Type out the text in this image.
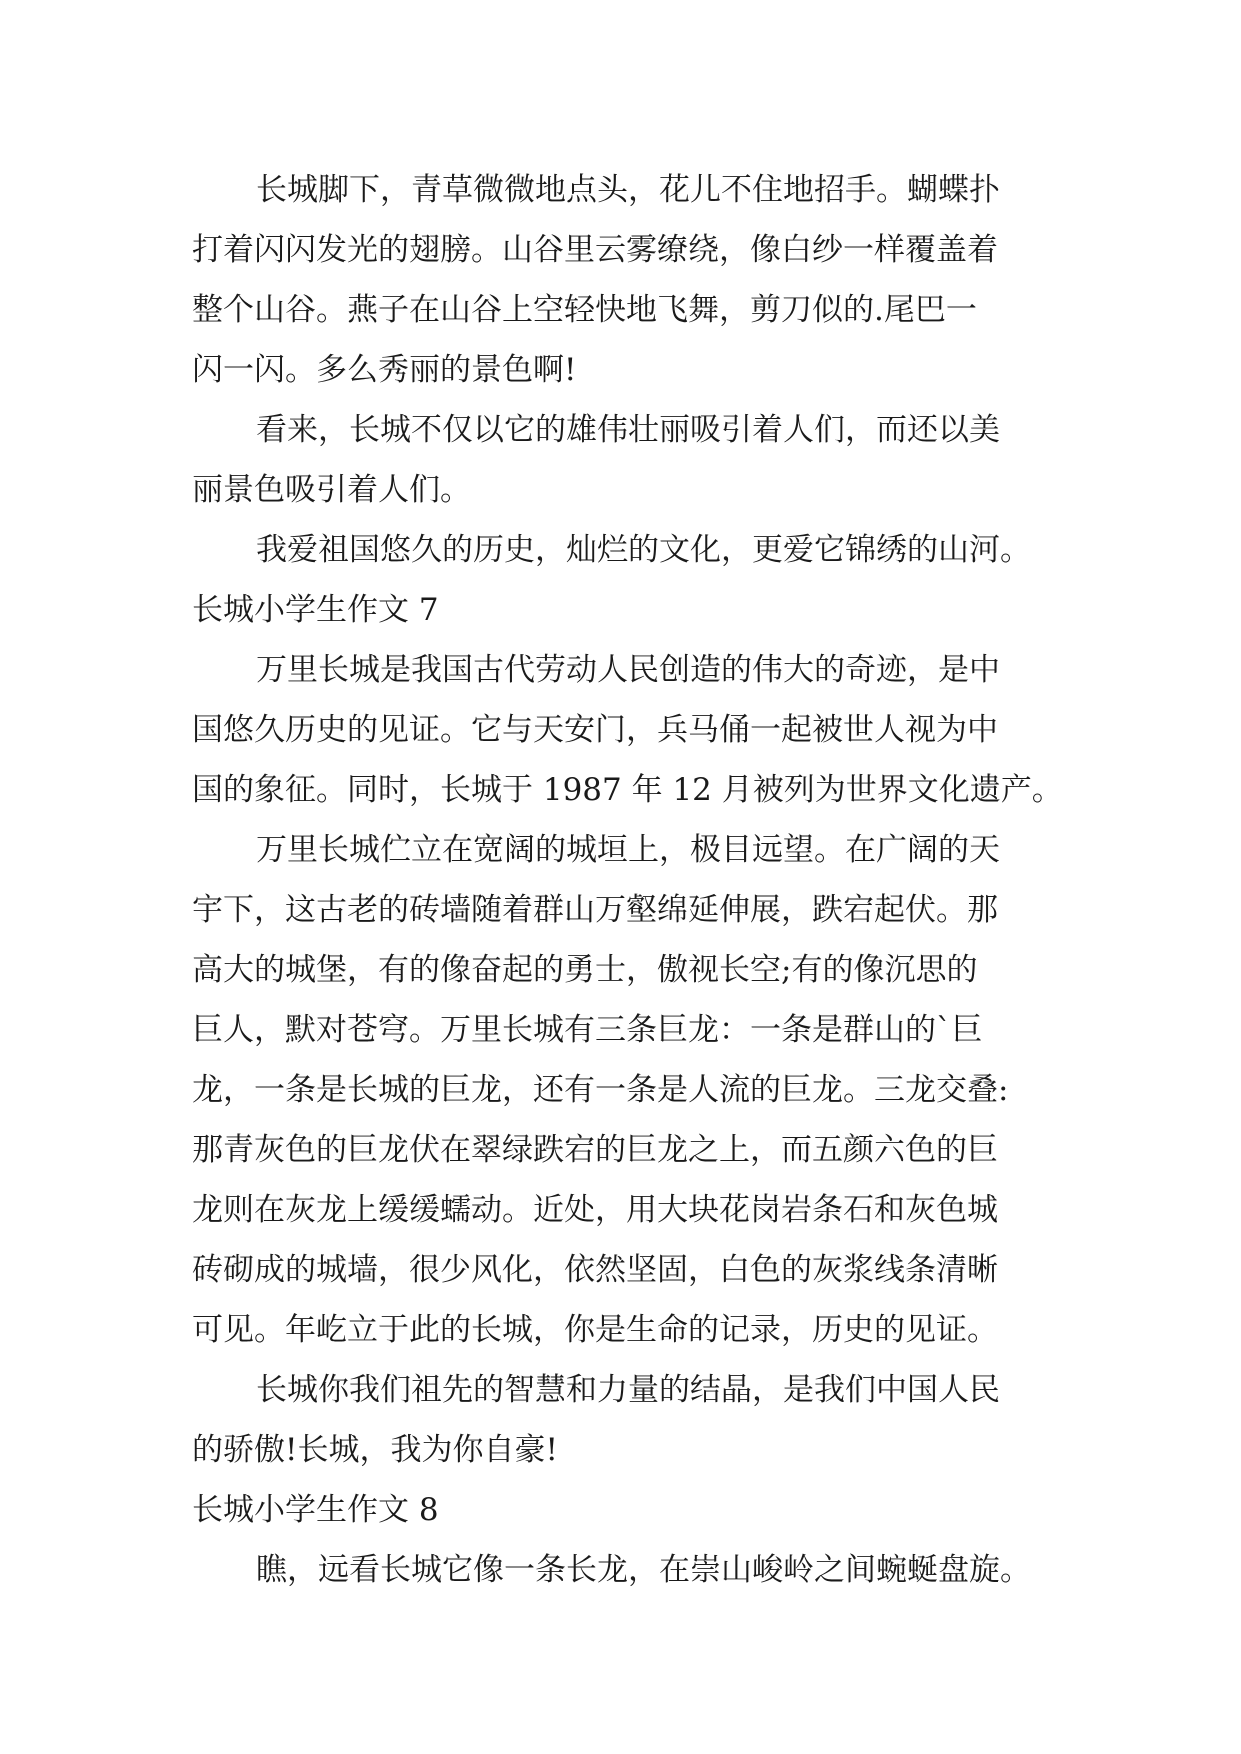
长城脚下，青草微微地点头，花儿不住地招手。蝴蝶扑
打着闪闪发光的翅膀。山谷里云雾缭绕，像白纱一样覆盖着
整个山谷。燕子在山谷上空轻快地飞舞，剪刀似的.尾巴一
闪一闪。多么秀丽的景色啊!
看来，长城不仅以它的雄伟壮丽吸引着人们，而还以美
丽景色吸引着人们。
我爱祖国悠久的历史，灿烂的文化，更爱它锦绣的山河。
长城小学生作文 7
万里长城是我国古代劳动人民创造的伟大的奇迹，是中
国悠久历史的见证。它与天安门，兵马俑一起被世人视为中
国的象征。同时，长城于 1987 年 12 月被列为世界文化遗产。
万里长城伫立在宽阔的城垣上，极目远望。在广阔的天
宇下，这古老的砖墙随着群山万壑绵延伸展，跌宕起伏。那
高大的城堡，有的像奋起的勇士，傲视长空;有的像沉思的
巨人，默对苍穹。万里长城有三条巨龙：一条是群山的`巨
龙，一条是长城的巨龙，还有一条是人流的巨龙。三龙交叠:
那青灰色的巨龙伏在翠绿跌宕的巨龙之上，而五颜六色的巨
龙则在灰龙上缓缓蠕动。近处，用大块花岗岩条石和灰色城
砖砌成的城墙，很少风化，依然坚固，白色的灰浆线条清晰
可见。年屹立于此的长城，你是生命的记录，历史的见证。
长城你我们祖先的智慧和力量的结晶，是我们中国人民
的骄傲!长城，我为你自豪!
长城小学生作文 8
瞧，远看长城它像一条长龙，在崇山峻岭之间蜿蜒盘旋。
